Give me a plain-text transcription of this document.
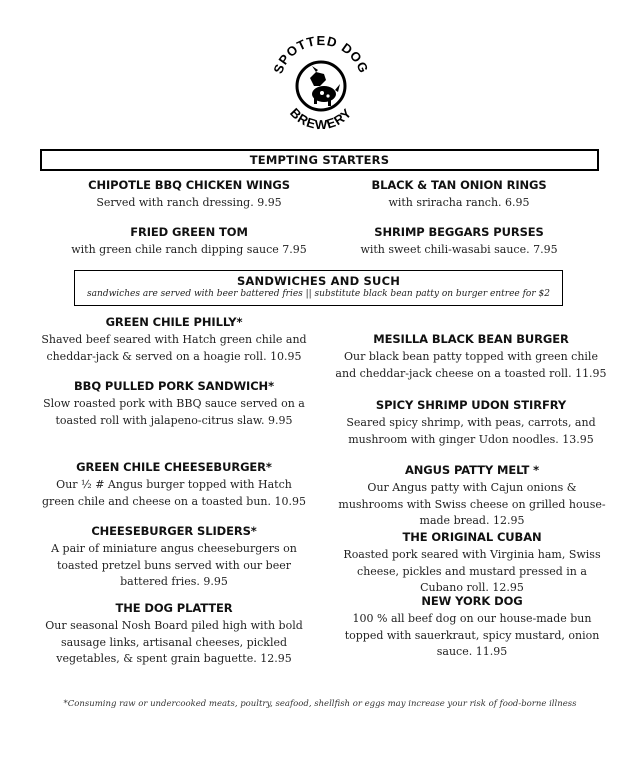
SPOTTED DOG
BREWERY
TEMPTING STARTERS
CHIPOTLE BBQ CHICKEN WINGS
Served with ranch dressing. 9.95
BLACK & TAN ONION RINGS
with sriracha ranch. 6.95
FRIED GREEN TOM
with green chile ranch dipping sauce 7.95
SHRIMP BEGGARS PURSES
with sweet chili-wasabi sauce. 7.95
SANDWICHES AND SUCH
sandwiches are served with beer battered fries || substitute black bean patty on burger entree for $2
GREEN CHILE PHILLY*
Shaved beef seared with Hatch green chile and cheddar-jack & served on a hoagie roll. 10.95
BBQ PULLED PORK SANDWICH*
Slow roasted pork with BBQ sauce served on a toasted roll with jalapeno-citrus slaw. 9.95
GREEN CHILE CHEESEBURGER*
Our ½ # Angus burger topped with Hatch green chile and cheese on a toasted bun. 10.95
CHEESEBURGER SLIDERS*
A pair of miniature angus cheeseburgers on toasted pretzel buns served with our beer battered fries. 9.95
THE DOG PLATTER
Our seasonal Nosh Board piled high with bold sausage links, artisanal cheeses, pickled vegetables, & spent grain baguette. 12.95
MESILLA BLACK BEAN BURGER
Our black bean patty topped with green chile and cheddar-jack cheese on a toasted roll. 11.95
SPICY SHRIMP UDON STIRFRY
Seared spicy shrimp, with peas, carrots, and mushroom with ginger Udon noodles. 13.95
ANGUS PATTY MELT *
Our Angus patty with Cajun onions & mushrooms with Swiss cheese on grilled house-made bread. 12.95
THE ORIGINAL CUBAN
Roasted pork seared with Virginia ham, Swiss cheese, pickles and mustard pressed in a Cubano roll. 12.95
NEW YORK DOG
100 % all beef dog on our house-made bun topped with sauerkraut, spicy mustard, onion sauce. 11.95
*Consuming raw or undercooked meats, poultry, seafood, shellfish or eggs may increase your risk of food-borne illness
